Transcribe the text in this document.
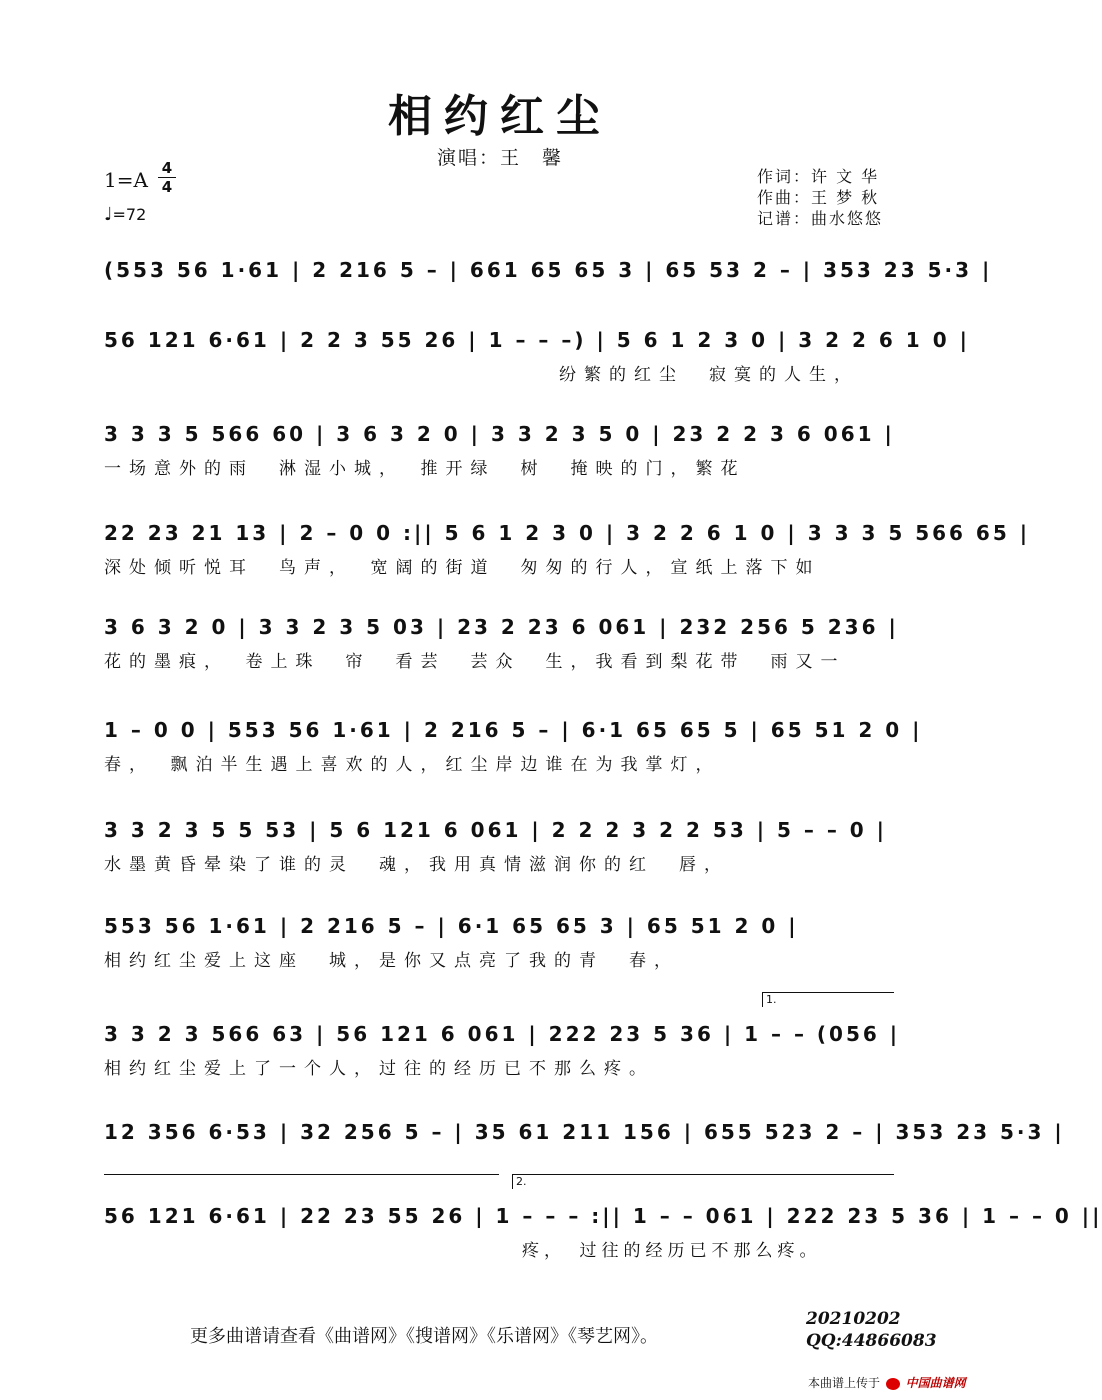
相约红尘
演唱：王　馨
1=A 4
4
♩=72
作词：许 文 华
作曲：王 梦 秋
记谱：曲水悠悠
(553 56 1·61 | 2 216 5 – | 661 65 65 3 | 65 53 2 – | 353 23 5·3 |
56 121 6·61 | 2 2 3 55 26 | 1 – – –) | 5 6 1 2 3 0 | 3 2 2 6 1 0 |
纷繁的红尘　寂寞的人生，
3 3 3 5 566 60 | 3 6 3 2 0 | 3 3 2 3 5 0 | 23 2 2 3 6 061 |
一场意外的雨　淋湿小城，　推开绿　树　掩映的门，繁花
22 23 21 13 | 2 – 0 0 :|| 5 6 1 2 3 0 | 3 2 2 6 1 0 | 3 3 3 5 566 65 |
深处倾听悦耳　鸟声，　宽阔的街道　匆匆的行人，宣纸上落下如
3 6 3 2 0 | 3 3 2 3 5 03 | 23 2 23 6 061 | 232 256 5 236 |
花的墨痕，　卷上珠　帘　看芸　芸众　生，我看到梨花带　雨又一
1 – 0 0 | 553 56 1·61 | 2 216 5 – | 6·1 65 65 5 | 65 51 2 0 |
春，　飘泊半生遇上喜欢的人，红尘岸边谁在为我掌灯，
3 3 2 3 5 5 53 | 5 6 121 6 061 | 2 2 2 3 2 2 53 | 5 – – 0 |
水墨黄昏晕染了谁的灵　魂，我用真情滋润你的红　唇，
553 56 1·61 | 2 216 5 – | 6·1 65 65 3 | 65 51 2 0 |
相约红尘爱上这座　城，是你又点亮了我的青　春，
1.
3 3 2 3 566 63 | 56 121 6 061 | 222 23 5 36 | 1 – – (056 |
相约红尘爱上了一个人，过往的经历已不那么疼。
12 356 6·53 | 32 256 5 – | 35 61 211 156 | 655 523 2 – | 353 23 5·3 |
2.
56 121 6·61 | 22 23 55 26 | 1 – – – :|| 1 – – 061 | 222 23 5 36 | 1 – – 0 ||
　　　　　　　　　　　　　　　　　　　疼，　过往的经历已不那么疼。
更多曲谱请查看《曲谱网》《搜谱网》《乐谱网》《琴艺网》。
20210202
QQ:44866083
本曲谱上传于 中国曲谱网
